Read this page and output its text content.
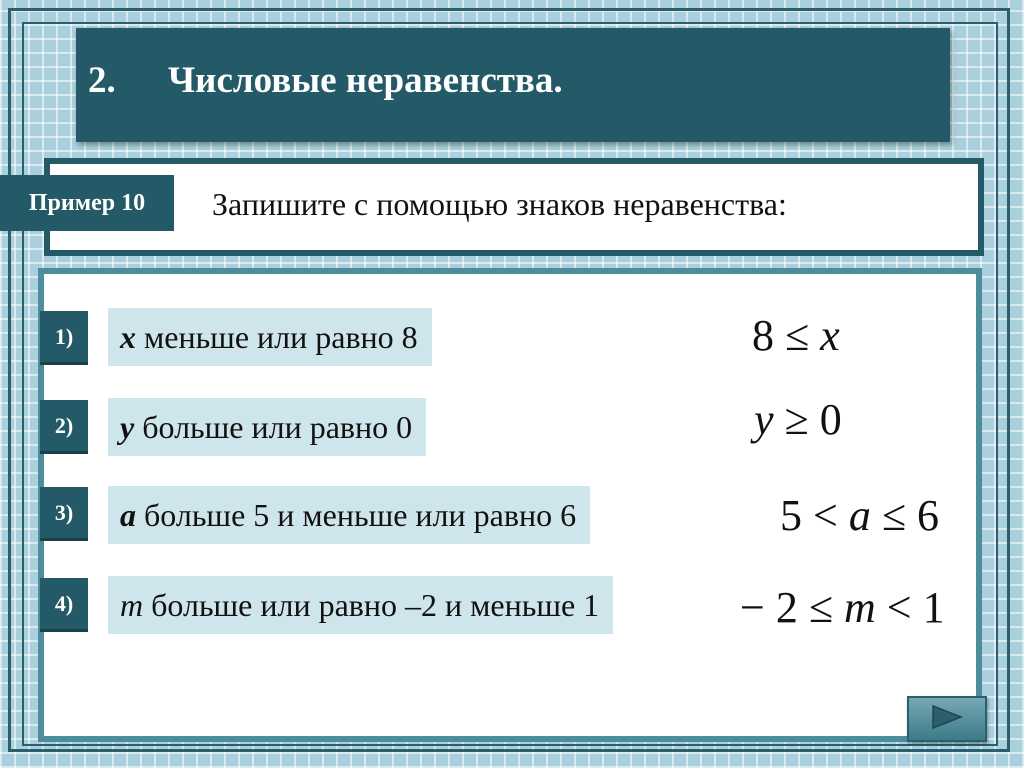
2. Числовые неравенства.
Пример 10	Запишите с помощью знаков неравенства:
1)	x меньше или равно 8	8 ≤ x
2)	y больше или равно 0	y ≥ 0
3)	a больше 5 и меньше или равно 6	5 < a ≤ 6
4)	m больше или равно –2 и меньше 1	− 2 ≤ m < 1
